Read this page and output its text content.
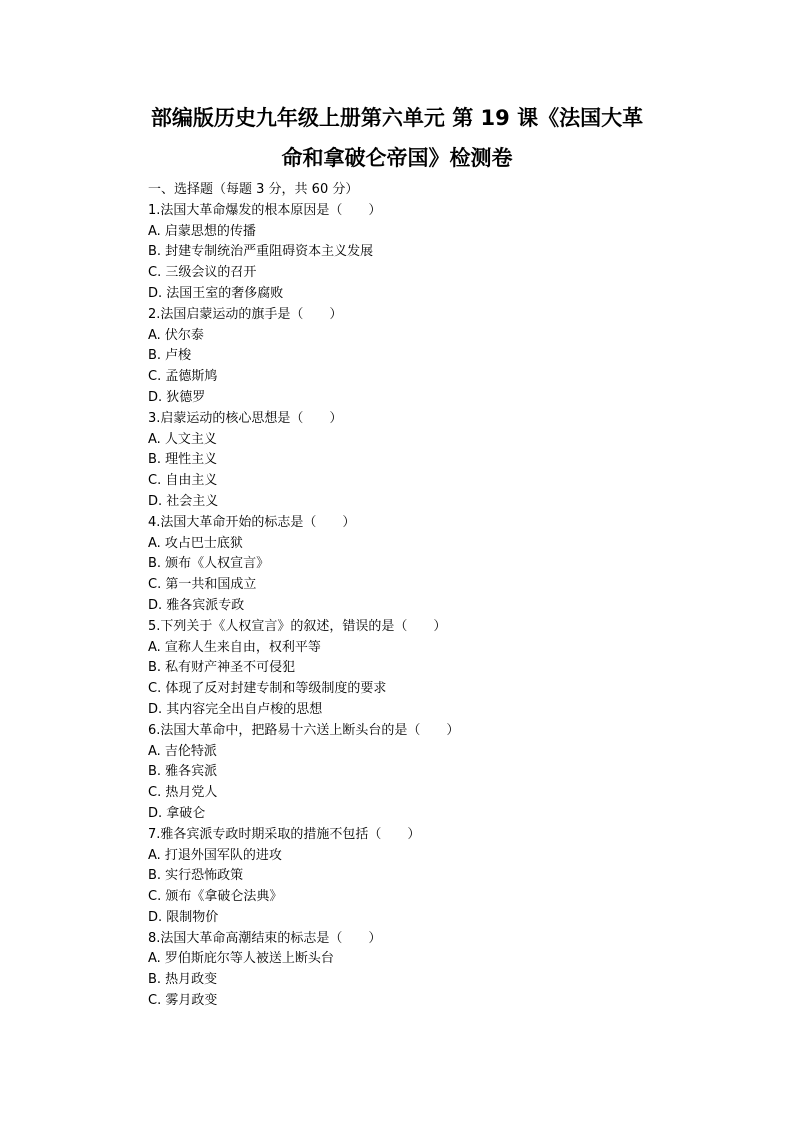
部编版历史九年级上册第六单元 第 19 课《法国大革
命和拿破仑帝国》检测卷
一、选择题（每题 3 分，共 60 分）
1.法国大革命爆发的根本原因是（　　）
A. 启蒙思想的传播
B. 封建专制统治严重阻碍资本主义发展
C. 三级会议的召开
D. 法国王室的奢侈腐败
2.法国启蒙运动的旗手是（　　）
A. 伏尔泰
B. 卢梭
C. 孟德斯鸠
D. 狄德罗
3.启蒙运动的核心思想是（　　）
A. 人文主义
B. 理性主义
C. 自由主义
D. 社会主义
4.法国大革命开始的标志是（　　）
A. 攻占巴士底狱
B. 颁布《人权宣言》
C. 第一共和国成立
D. 雅各宾派专政
5.下列关于《人权宣言》的叙述，错误的是（　　）
A. 宣称人生来自由，权利平等
B. 私有财产神圣不可侵犯
C. 体现了反对封建专制和等级制度的要求
D. 其内容完全出自卢梭的思想
6.法国大革命中，把路易十六送上断头台的是（　　）
A. 吉伦特派
B. 雅各宾派
C. 热月党人
D. 拿破仑
7.雅各宾派专政时期采取的措施不包括（　　）
A. 打退外国军队的进攻
B. 实行恐怖政策
C. 颁布《拿破仑法典》
D. 限制物价
8.法国大革命高潮结束的标志是（　　）
A. 罗伯斯庇尔等人被送上断头台
B. 热月政变
C. 雾月政变
